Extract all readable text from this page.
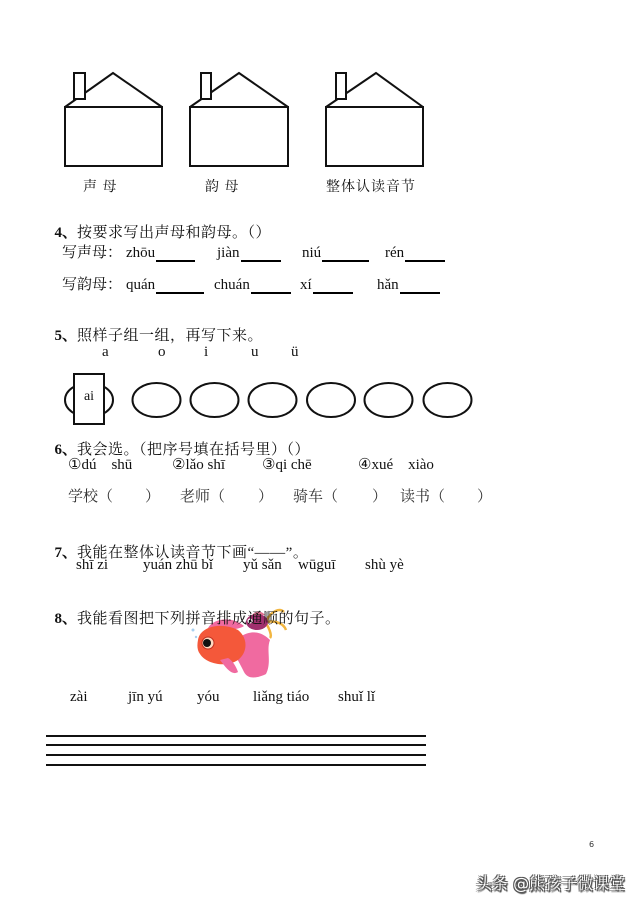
声 母	韵 母	整体认读音节

4、按要求写出声母和韵母。（）

写声母： zhōu	jiàn	niú	rén
写韵母： quán	chuán	xí	hǎn

5、照样子组一组，再写下来。

a	o	i	u ü
ai

6、我会选。（把序号填在括号里）（）

①dú    shū	②lǎo shī ③qi chē	④xué    xiào
学校（ ） 老师（ ） 骑车（ ） 读书（ ）

7、我能在整体认读音节下画“——”。

shī zi yuán zhū bǐ yǔ sǎn wūguī shù yè

8、我能看图把下列拼音排成通顺的句子。

zài	jīn yú yóu liǎng tiáo shuǐ lǐ
6
头条 @熊孩子微课堂
